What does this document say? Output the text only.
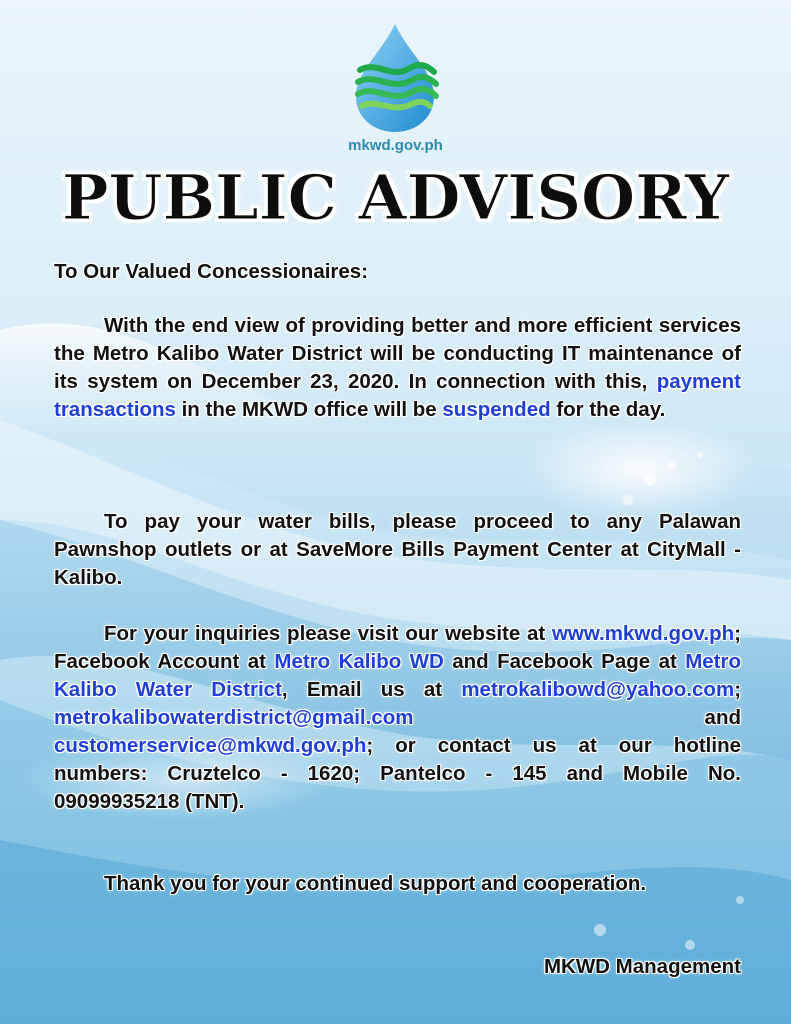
mkwd.gov.ph
PUBLIC ADVISORY
To Our Valued Concessionaires:
With the end view of providing better and more efficient services the Metro Kalibo Water District will be conducting IT maintenance of its system on December 23, 2020. In connection with this, payment transactions in the MKWD office will be suspended for the day.
To pay your water bills, please proceed to any Palawan Pawnshop outlets or at SaveMore Bills Payment Center at CityMall - Kalibo.
For your inquiries please visit our website at www.mkwd.gov.ph; Facebook Account at Metro Kalibo WD and Facebook Page at Metro Kalibo Water District, Email us at metrokalibowd@yahoo.com; metrokalibowaterdistrict@gmail.com and customerservice@mkwd.gov.ph; or contact us at our hotline numbers: Cruztelco - 1620; Pantelco - 145 and Mobile No. 09099935218 (TNT).
Thank you for your continued support and cooperation.
MKWD Management
